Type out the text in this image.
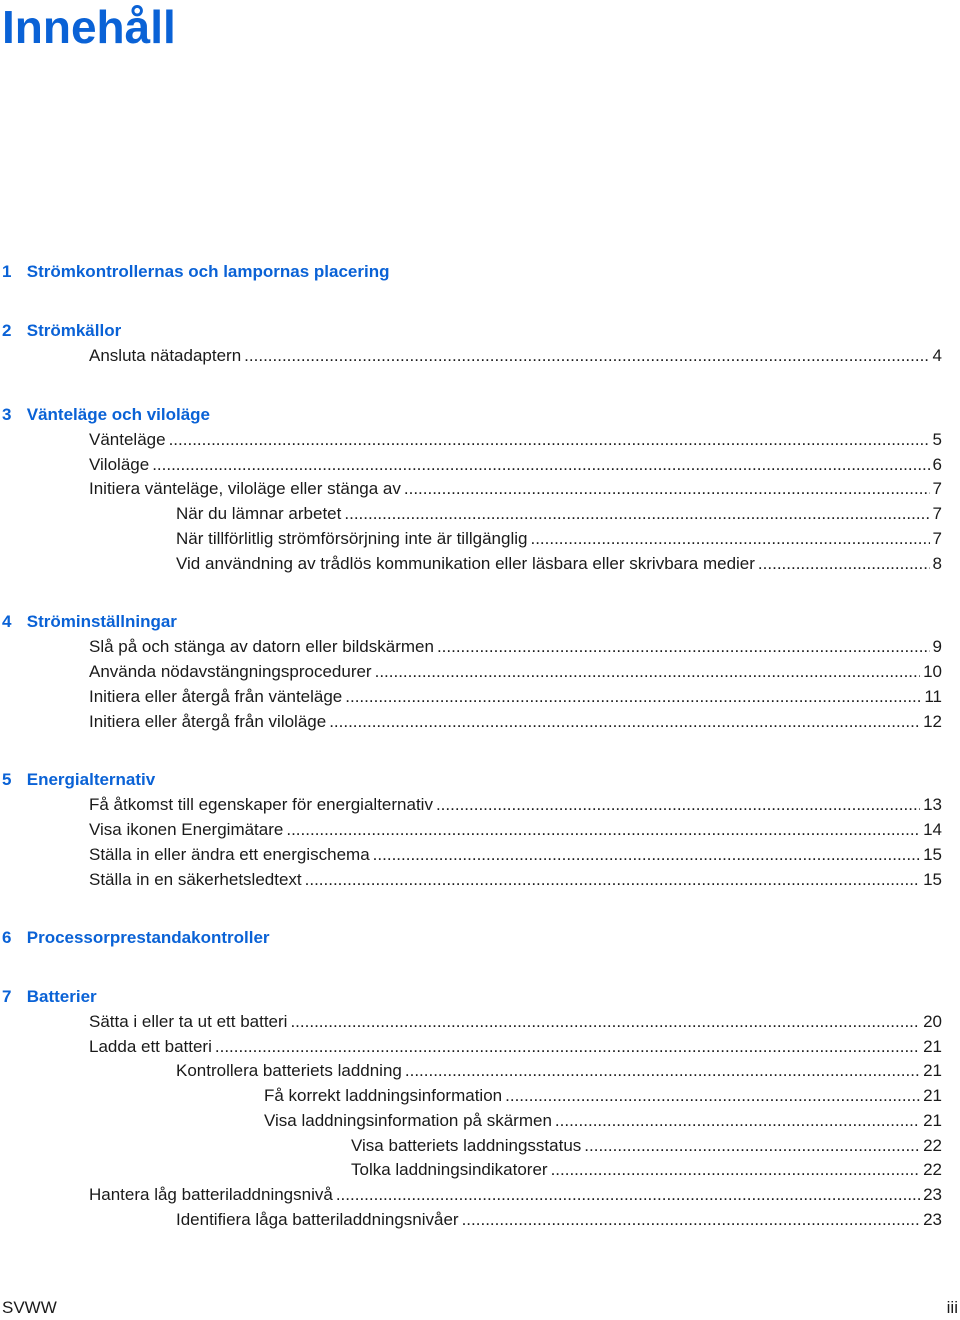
Innehåll
1 Strömkontrollernas och lampornas placering
2 Strömkällor
Ansluta nätadaptern .....	4
3 Vänteläge och viloläge
Vänteläge .....	5
Viloläge .....	6
Initiera vänteläge, viloläge eller stänga av .....	7
När du lämnar arbetet .....	7
När tillförlitlig strömförsörjning inte är tillgänglig .....	7
Vid användning av trådlös kommunikation eller läsbara eller skrivbara medier .....	8
4 Ströminställningar
Slå på och stänga av datorn eller bildskärmen .....	9
Använda nödavstängningsprocedurer .....	10
Initiera eller återgå från vänteläge .....	11
Initiera eller återgå från viloläge .....	12
5 Energialternativ
Få åtkomst till egenskaper för energialternativ .....	13
Visa ikonen Energimätare .....	14
Ställa in eller ändra ett energischema .....	15
Ställa in en säkerhetsledtext .....	15
6 Processorprestandakontroller
7 Batterier
Sätta i eller ta ut ett batteri .....	20
Ladda ett batteri .....	21
Kontrollera batteriets laddning .....	21
Få korrekt laddningsinformation .....	21
Visa laddningsinformation på skärmen .....	21
Visa batteriets laddningsstatus .....	22
Tolka laddningsindikatorer .....	22
Hantera låg batteriladdningsnivå .....	23
Identifiera låga batteriladdningsnivåer .....	23
SVWW	iii
